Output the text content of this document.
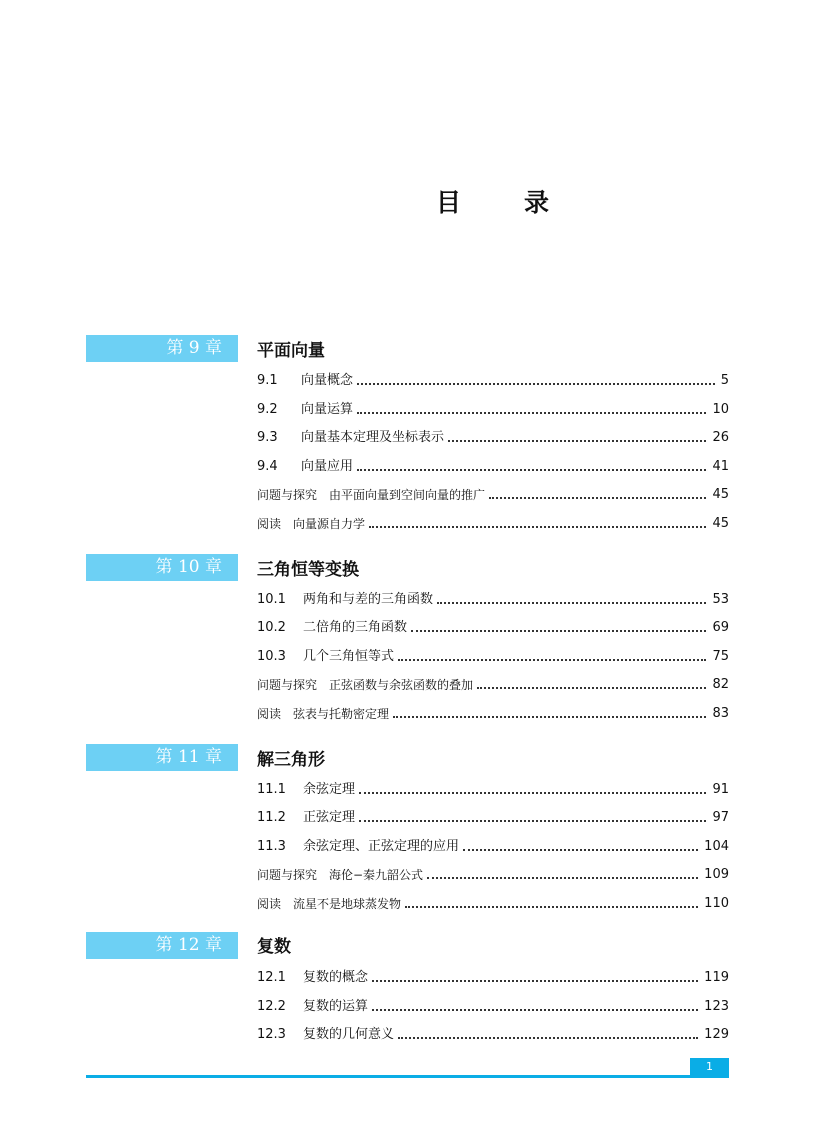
目	录
第 9 章	平面向量
9.1	向量概念	5
9.2	向量运算	10
9.3	向量基本定理及坐标表示	26
9.4	向量应用	41
问题与探究　由平面向量到空间向量的推广	45
阅读　向量源自力学	45
第 10 章	三角恒等变换
10.1	两角和与差的三角函数	53
10.2	二倍角的三角函数	69
10.3	几个三角恒等式	75
问题与探究　正弦函数与余弦函数的叠加	82
阅读　弦表与托勒密定理	83
第 11 章	解三角形
11.1	余弦定理	91
11.2	正弦定理	97
11.3	余弦定理、正弦定理的应用	104
问题与探究　海伦−秦九韶公式	109
阅读　流星不是地球蒸发物	110
第 12 章	复数
12.1	复数的概念	119
12.2	复数的运算	123
12.3	复数的几何意义	129
1
